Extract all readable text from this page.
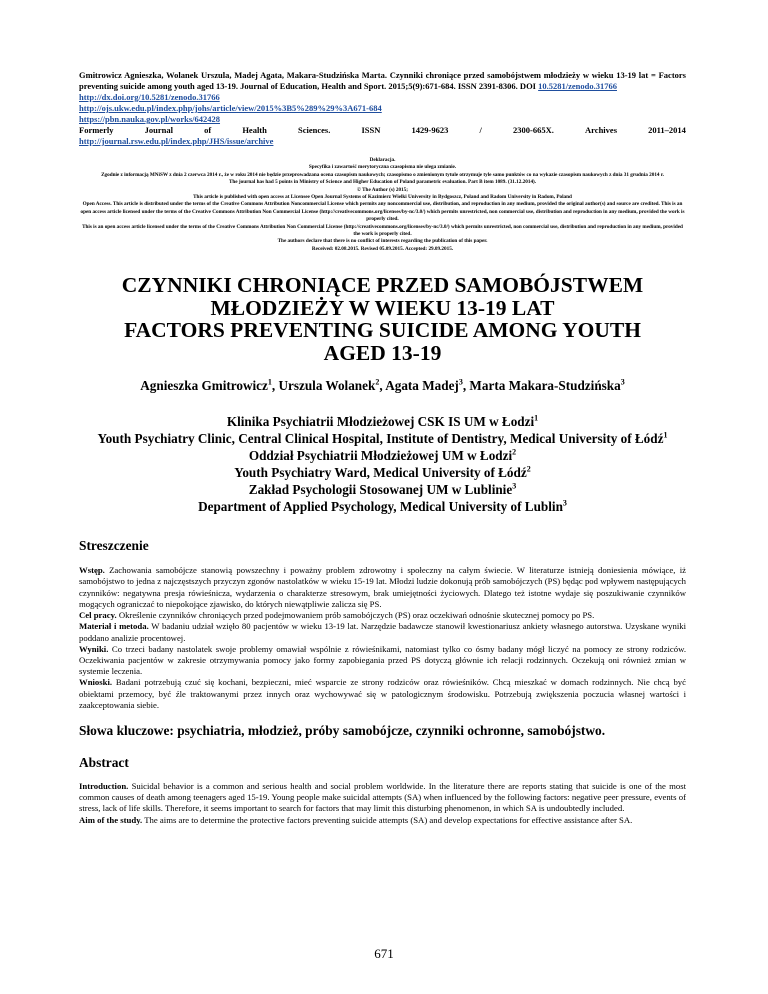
Gmitrowicz Agnieszka, Wolanek Urszula, Madej Agata, Makara-Studzińska Marta. Czynniki chroniące przed samobójstwem młodzieży w wieku 13-19 lat = Factors preventing suicide among youth aged 13-19. Journal of Education, Health and Sport. 2015;5(9):671-684. ISSN 2391-8306. DOI 10.5281/zenodo.31766
http://dx.doi.org/10.5281/zenodo.31766
http://ojs.ukw.edu.pl/index.php/johs/article/view/2015%3B5%289%29%3A671-684
https://pbn.nauka.gov.pl/works/642428
Formerly	Journal	of	Health	Sciences.	ISSN	1429-9623	/	2300-665X.	Archives	2011–2014
http://journal.rsw.edu.pl/index.php/JHS/issue/archive
Deklaracja.
Specyfika i zawartość merytoryczna czasopisma nie ulega zmianie.
Zgodnie z informacją MNiSW z dnia 2 czerwca 2014 r., że w roku 2014 nie będzie przeprowadzana ocena czasopism naukowych; czasopismo o zmienionym tytule otrzymuje tyle samo punktów co na wykazie czasopism naukowych z dnia 31 grudnia 2014 r.
The journal has had 5 points in Ministry of Science and Higher Education of Poland parametric evaluation. Part B item 1089. (31.12.2014).
© The Author (s) 2015;
This article is published with open access at Licensee Open Journal Systems of Kazimierz Wielki University in Bydgoszcz, Poland and Radom University in Radom, Poland
Open Access. This article is distributed under the terms of the Creative Commons Attribution Noncommercial License which permits any noncommercial use, distribution, and reproduction in any medium, provided the original author(s) and source are credited. This is an open access article licensed under the terms of the Creative Commons Attribution Non Commercial License (http://creativecommons.org/licenses/by-nc/3.0/) which permits unrestricted, non commercial use, distribution and reproduction in any medium, provided the work is properly cited.
This is an open access article licensed under the terms of the Creative Commons Attribution Non Commercial License (http://creativecommons.org/licenses/by-nc/3.0/) which permits unrestricted, non commercial use, distribution and reproduction in any medium, provided the work is properly cited.
The authors declare that there is no conflict of interests regarding the publication of this paper.
Received: 02.08.2015. Revised 05.09.2015. Accepted: 29.09.2015.
CZYNNIKI CHRONIĄCE PRZED SAMOBÓJSTWEM
MŁODZIEŻY W WIEKU 13-19 LAT
FACTORS PREVENTING SUICIDE AMONG YOUTH
AGED 13-19
Agnieszka Gmitrowicz$^1$, Urszula Wolanek$^2$, Agata Madej$^3$, Marta Makara-Studzińska$^3$
Klinika Psychiatrii Młodzieżowej CSK IS UM w Łodzi$^1$
Youth Psychiatry Clinic, Central Clinical Hospital, Institute of Dentistry, Medical University of Łódź$^1$
Oddział Psychiatrii Młodzieżowej UM w Łodzi$^2$
Youth Psychiatry Ward, Medical University of Łódź$^2$
Zakład Psychologii Stosowanej UM w Lublinie$^3$
Department of Applied Psychology, Medical University of Lublin$^3$
Streszczenie

Wstęp. Zachowania samobójcze stanowią powszechny i poważny problem zdrowotny i społeczny na całym świecie. W literaturze istnieją doniesienia mówiące, iż samobójstwo to jedna z najczęstszych przyczyn zgonów nastolatków w wieku 15-19 lat. Młodzi ludzie dokonują prób samobójczych (PS) będąc pod wpływem następujących czynników: negatywna presja rówieśnicza, wydarzenia o charakterze stresowym, brak umiejętności życiowych. Dlatego też istotne wydaje się poszukiwanie czynników mogących ograniczać to niepokojące zjawisko, do których niewątpliwie zalicza się PS.

Cel pracy. Określenie czynników chroniących przed podejmowaniem prób samobójczych (PS) oraz oczekiwań odnośnie skutecznej pomocy po PS.

Materiał i metoda. W badaniu udział wzięło 80 pacjentów w wieku 13-19 lat. Narzędzie badawcze stanowił kwestionariusz ankiety własnego autorstwa. Uzyskane wyniki poddano analizie procentowej.

Wyniki. Co trzeci badany nastolatek swoje problemy omawiał wspólnie z rówieśnikami, natomiast tylko co ósmy badany mógł liczyć na pomocy ze strony rodziców. Oczekiwania pacjentów w zakresie otrzymywania pomocy jako formy zapobiegania przed PS dotyczą głównie ich relacji rodzinnych. Oczekują oni również zmian w systemie leczenia.

Wnioski. Badani potrzebują czuć się kochani, bezpieczni, mieć wsparcie ze strony rodziców oraz rówieśników. Chcą mieszkać w domach rodzinnych. Nie chcą być obiektami przemocy, być źle traktowanymi przez innych oraz wychowywać się w patologicznym środowisku. Potrzebują zwiększenia poczucia własnej wartości i zaakceptowania siebie.

Słowa kluczowe: psychiatria, młodzież, próby samobójcze, czynniki ochronne, samobójstwo.
Abstract

Introduction. Suicidal behavior is a common and serious health and social problem worldwide. In the literature there are reports stating that suicide is one of the most common causes of death among teenagers aged 15-19. Young people make suicidal attempts (SA) when influenced by the following factors: negative peer pressure, events of stress, lack of life skills. Therefore, it seems important to search for factors that may limit this disturbing phenomenon, in which SA is undoubtedly included.

Aim of the study. The aims are to determine the protective factors preventing suicide attempts (SA) and develop expectations for effective assistance after SA.

671
